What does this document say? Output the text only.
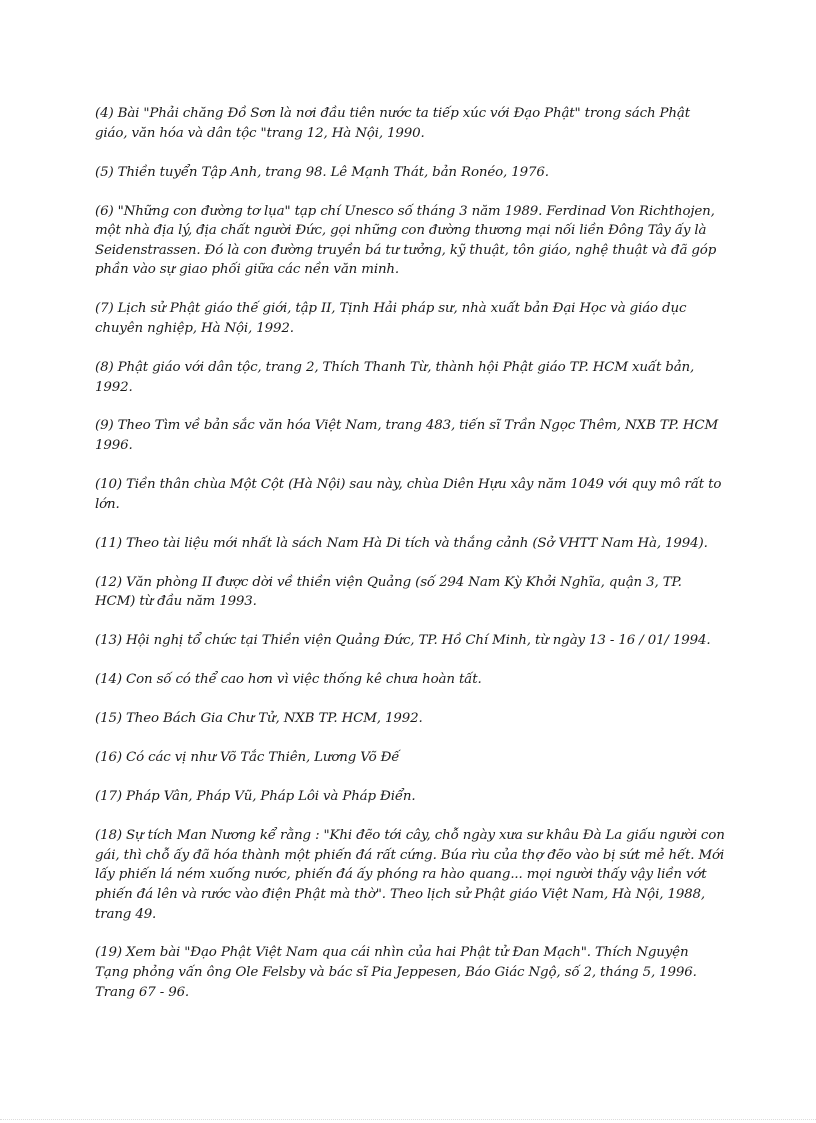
(4) Bài "Phải chăng Đồ Sơn là nơi đầu tiên nước ta tiếp xúc với Đạo Phật" trong sách Phật giáo, văn hóa và dân tộc "trang 12, Hà Nội, 1990.
(5) Thiền tuyển Tập Anh, trang 98. Lê Mạnh Thát, bản Ronéo, 1976.
(6) "Những con đường tơ lụa" tạp chí Unesco số tháng 3 năm 1989. Ferdinad Von Richthojen, một nhà địa lý, địa chất người Đức, gọi những con đường thương mại nối liền Đông Tây ấy là Seidenstrassen. Đó là con đường truyền bá tư tưởng, kỹ thuật, tôn giáo, nghệ thuật và đã góp phần vào sự giao phối giữa các nền văn minh.
(7) Lịch sử Phật giáo thế giới, tập II, Tịnh Hải pháp sư, nhà xuất bản Đại Học và giáo dục chuyên nghiệp, Hà Nội, 1992.
(8) Phật giáo với dân tộc, trang 2, Thích Thanh Từ, thành hội Phật giáo TP. HCM xuất bản, 1992.
(9) Theo Tìm về bản sắc văn hóa Việt Nam, trang 483, tiến sĩ Trần Ngọc Thêm, NXB TP. HCM 1996.
(10) Tiền thân chùa Một Cột (Hà Nội) sau này, chùa Diên Hựu xây năm 1049 với quy mô rất to lớn.
(11) Theo tài liệu mới nhất là sách Nam Hà Di tích và thắng cảnh (Sở VHTT Nam Hà, 1994).
(12) Văn phòng II được dời về thiền viện Quảng (số 294 Nam Kỳ Khởi Nghĩa, quận 3, TP. HCM) từ đầu năm 1993.
(13) Hội nghị tổ chức tại Thiền viện Quảng Đức, TP. Hồ Chí Minh, từ ngày 13 - 16 / 01/ 1994.
(14) Con số có thể cao hơn vì việc thống kê chưa hoàn tất.
(15) Theo Bách Gia Chư Tử, NXB TP. HCM, 1992.
(16) Có các vị như Võ Tắc Thiên, Lương Võ Đế
(17) Pháp Vân, Pháp Vũ, Pháp Lôi và Pháp Điển.
(18) Sự tích Man Nương kể rằng : "Khi đẽo tới cây, chỗ ngày xưa sư khâu Đà La giấu người con gái, thì chỗ ấy đã hóa thành một phiến đá rất cứng. Búa rìu của thợ đẽo vào bị sứt mẻ hết. Mới lấy phiến lá ném xuống nước, phiến đá ấy phóng ra hào quang... mọi người thấy vậy liền vớt phiến đá lên và rước vào điện Phật mà thờ". Theo lịch sử Phật giáo Việt Nam, Hà Nội, 1988, trang 49.
(19) Xem bài "Đạo Phật Việt Nam qua cái nhìn của hai Phật tử Đan Mạch". Thích Nguyện Tạng phỏng vấn ông Ole Felsby và bác sĩ Pia Jeppesen, Báo Giác Ngộ, số 2, tháng 5, 1996. Trang 67 - 96.
